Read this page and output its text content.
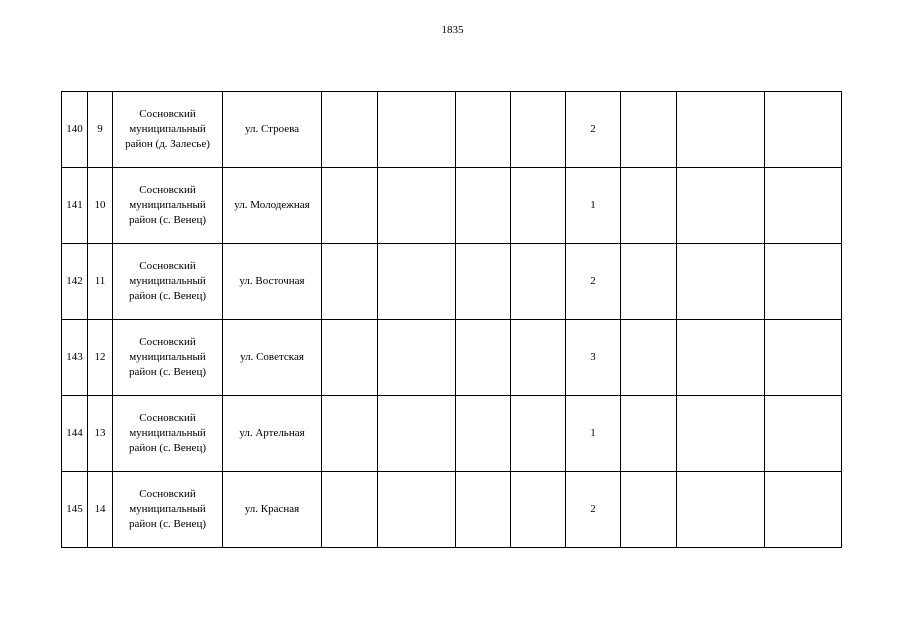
1835
140	9	Сосновский
муниципальный
район (д. Залесье)	ул. Строева					2			
141	10	Сосновский
муниципальный
район (с. Венец)	ул. Молодежная					1			
142	11	Сосновский
муниципальный
район (с. Венец)	ул. Восточная					2			
143	12	Сосновский
муниципальный
район (с. Венец)	ул. Советская					3			
144	13	Сосновский
муниципальный
район (с. Венец)	ул. Артельная					1			
145	14	Сосновский
муниципальный
район (с. Венец)	ул. Красная					2			
